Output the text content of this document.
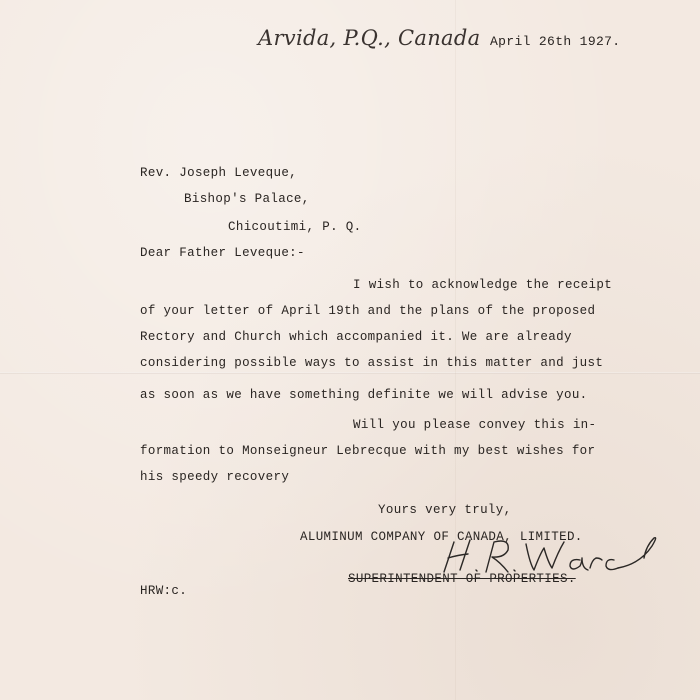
Arvida, P.Q., Canada April 26th 1927.
Rev. Joseph Leveque,
Bishop's Palace,
Chicoutimi, P. Q.
Dear Father Leveque:-
I wish to acknowledge the receipt
of your letter of April 19th and the plans of the proposed
Rectory and Church which accompanied it. We are already
considering possible ways to assist in this matter and just
as soon as we have something definite we will advise you.
Will you please convey this in-
formation to Monseigneur Lebrecque with my best wishes for
his speedy recovery
Yours very truly,
ALUMINUM COMPANY OF CANADA, LIMITED.
SUPERINTENDENT OF PROPERTIES.
HRW:c.
